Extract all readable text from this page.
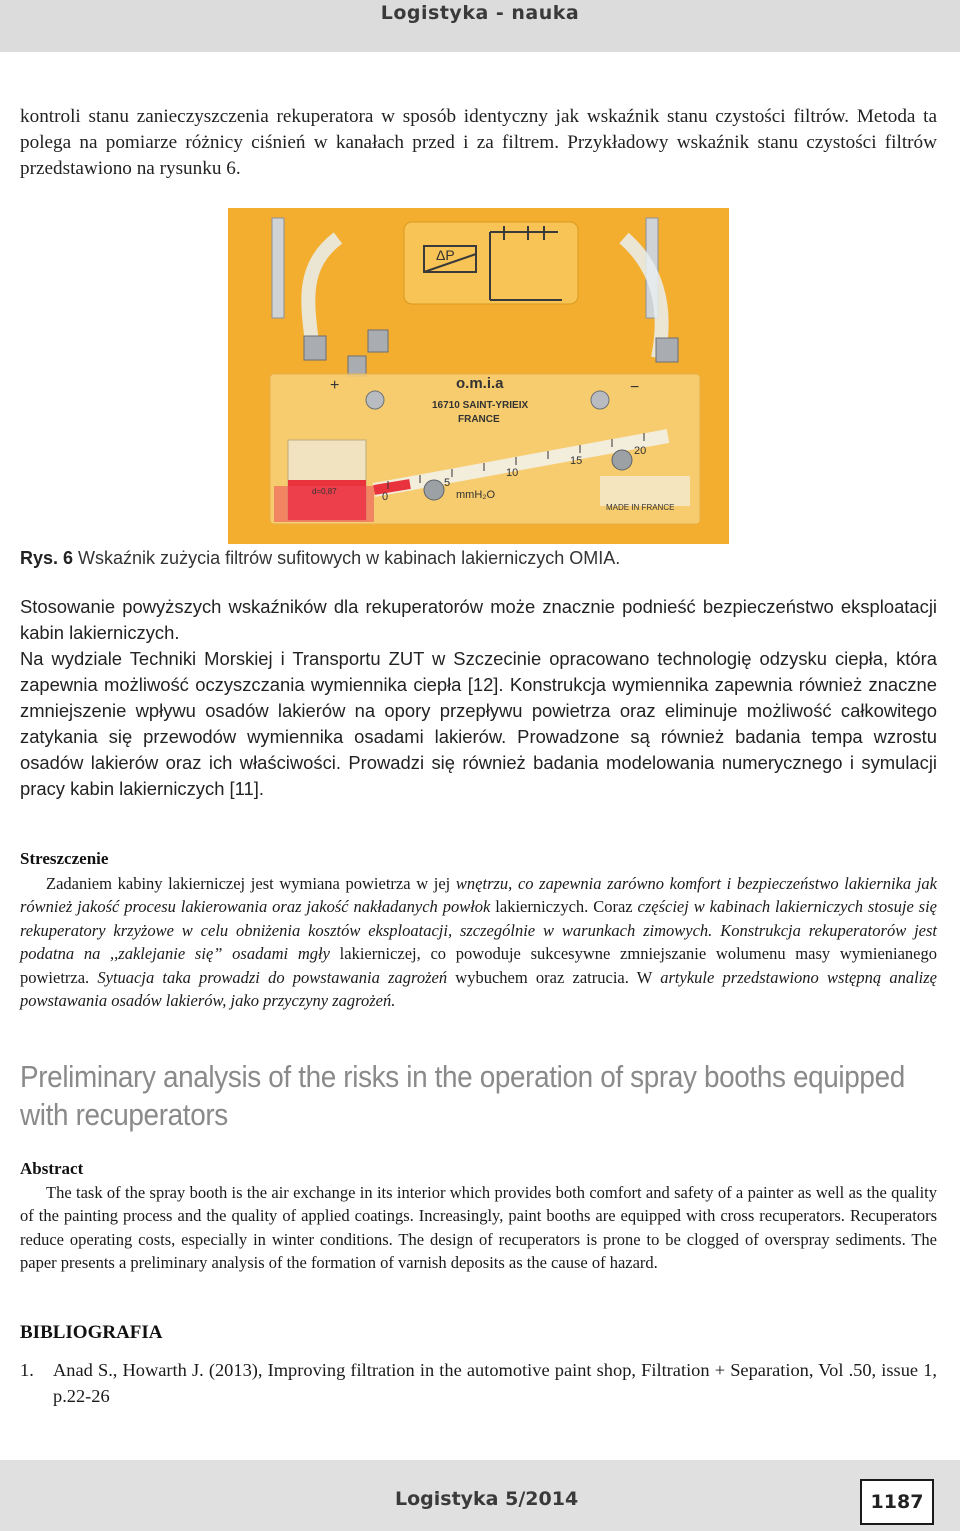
Logistyka - nauka
kontroli stanu zanieczyszczenia rekuperatora w sposób identyczny jak wskaźnik stanu czystości filtrów. Metoda ta polega na pomiarze różnicy ciśnień w kanałach przed i za filtrem. Przykładowy wskaźnik stanu czystości filtrów przedstawiono na rysunku 6.
ΔP
+	−
o.m.i.a
16710 SAINT-YRIEIX
FRANCE
d=0,87	0
5
10
15
20
mmH₂O
MADE IN FRANCE
Rys. 6 Wskaźnik zużycia filtrów sufitowych w kabinach lakierniczych OMIA.
Stosowanie powyższych wskaźników dla rekuperatorów może znacznie podnieść bezpieczeństwo eksploatacji kabin lakierniczych.
Na wydziale Techniki Morskiej i Transportu ZUT w Szczecinie opracowano technologię odzysku ciepła, która zapewnia możliwość oczyszczania wymiennika ciepła [12]. Konstrukcja wymiennika zapewnia również znaczne zmniejszenie wpływu osadów lakierów na opory przepływu powietrza oraz eliminuje możliwość całkowitego zatykania się przewodów wymiennika osadami lakierów. Prowadzone są również badania tempa wzrostu osadów lakierów oraz ich właściwości. Prowadzi się również badania modelowania numerycznego i symulacji pracy kabin lakierniczych [11].
Streszczenie
Zadaniem kabiny lakierniczej jest wymiana powietrza w jej wnętrzu, co zapewnia zarówno komfort i bezpieczeństwo lakiernika jak również jakość procesu lakierowania oraz jakość nakładanych powłok lakierniczych. Coraz częściej w kabinach lakierniczych stosuje się rekuperatory krzyżowe w celu obniżenia kosztów eksploatacji, szczególnie w warunkach zimowych. Konstrukcja rekuperatorów jest podatna na ,,zaklejanie się” osadami mgły lakierniczej, co powoduje sukcesywne zmniejszanie wolumenu masy wymienianego powietrza. Sytuacja taka prowadzi do powstawania zagrożeń wybuchem oraz zatrucia. W artykule przedstawiono wstępną analizę powstawania osadów lakierów, jako przyczyny zagrożeń.
Preliminary analysis of the risks in the operation of spray booths equipped with recuperators
Abstract
The task of the spray booth is the air exchange in its interior which provides both comfort and safety of a painter as well as the quality of the painting process and the quality of applied coatings. Increasingly, paint booths are equipped with cross recuperators. Recuperators reduce operating costs, especially in winter conditions. The design of recuperators is prone to be clogged of overspray sediments. The paper presents a preliminary analysis of the formation of varnish deposits as the cause of hazard.
BIBLIOGRAFIA
1. Anad S., Howarth J. (2013), Improving filtration in the automotive paint shop, Filtration + Separation, Vol .50, issue 1, p.22-26
Logistyka 5/2014	1187
